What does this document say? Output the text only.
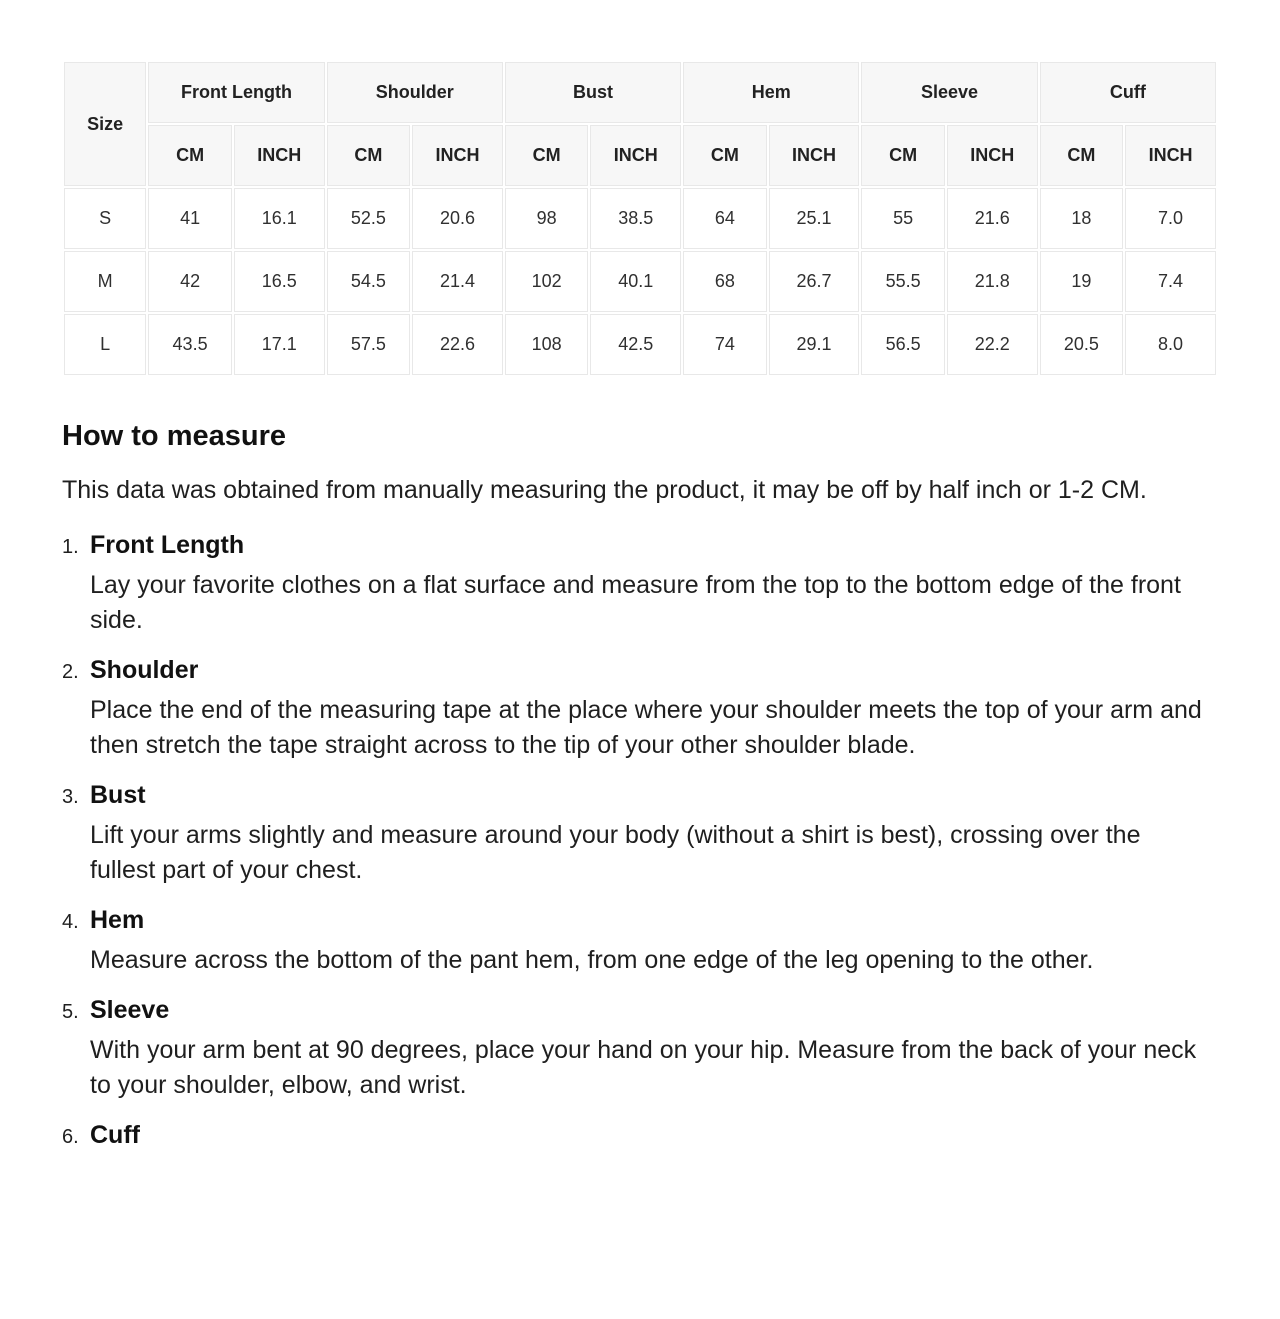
Size	Front Length		Shoulder		Bust		Hem		Sleeve		Cuff	
	CM	INCH	CM	INCH	CM	INCH	CM	INCH	CM	INCH	CM	INCH
S	41	16.1	52.5	20.6	98	38.5	64	25.1	55	21.6	18	7.0
M	42	16.5	54.5	21.4	102	40.1	68	26.7	55.5	21.8	19	7.4
L	43.5	17.1	57.5	22.6	108	42.5	74	29.1	56.5	22.2	20.5	8.0
How to measure

This data was obtained from manually measuring the product, it may be off by half inch or 1-2 CM.

1. Front Length

Lay your favorite clothes on a flat surface and measure from the top to the bottom edge of the front side.

2. Shoulder

Place the end of the measuring tape at the place where your shoulder meets the top of your arm and then stretch the tape straight across to the tip of your other shoulder blade.

3. Bust

Lift your arms slightly and measure around your body (without a shirt is best), crossing over the fullest part of your chest.

4. Hem

Measure across the bottom of the pant hem, from one edge of the leg opening to the other.

5. Sleeve

With your arm bent at 90 degrees, place your hand on your hip. Measure from the back of your neck to your shoulder, elbow, and wrist.

6. Cuff
